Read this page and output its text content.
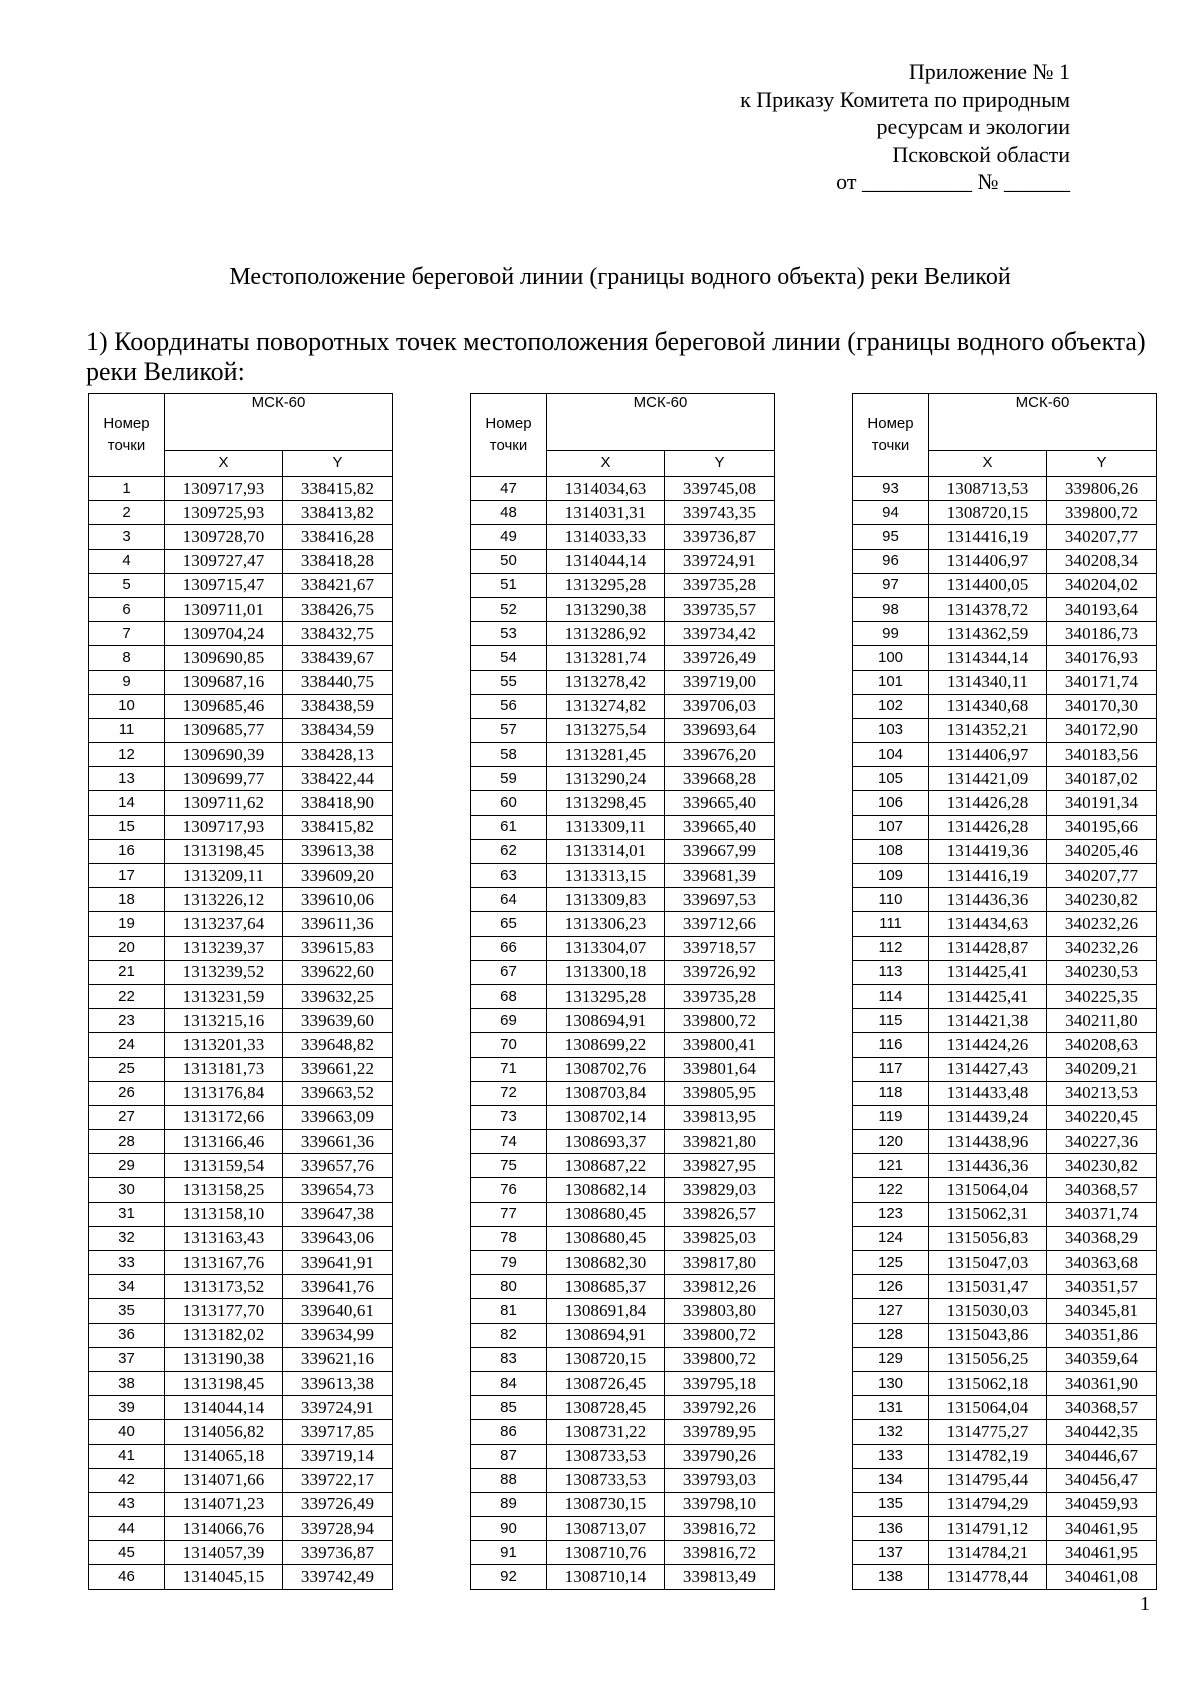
Приложение № 1
к Приказу Комитета по природным
ресурсам и экологии
Псковской области
от __________ № ______
Местоположение береговой линии (границы водного объекта) реки Великой
1) Координаты поворотных точек местоположения береговой линии (границы водного объекта) реки Великой:
Номер
точки	МСК-60	
	X	Y
1	1309717,93	338415,82
2	1309725,93	338413,82
3	1309728,70	338416,28
4	1309727,47	338418,28
5	1309715,47	338421,67
6	1309711,01	338426,75
7	1309704,24	338432,75
8	1309690,85	338439,67
9	1309687,16	338440,75
10	1309685,46	338438,59
11	1309685,77	338434,59
12	1309690,39	338428,13
13	1309699,77	338422,44
14	1309711,62	338418,90
15	1309717,93	338415,82
16	1313198,45	339613,38
17	1313209,11	339609,20
18	1313226,12	339610,06
19	1313237,64	339611,36
20	1313239,37	339615,83
21	1313239,52	339622,60
22	1313231,59	339632,25
23	1313215,16	339639,60
24	1313201,33	339648,82
25	1313181,73	339661,22
26	1313176,84	339663,52
27	1313172,66	339663,09
28	1313166,46	339661,36
29	1313159,54	339657,76
30	1313158,25	339654,73
31	1313158,10	339647,38
32	1313163,43	339643,06
33	1313167,76	339641,91
34	1313173,52	339641,76
35	1313177,70	339640,61
36	1313182,02	339634,99
37	1313190,38	339621,16
38	1313198,45	339613,38
39	1314044,14	339724,91
40	1314056,82	339717,85
41	1314065,18	339719,14
42	1314071,66	339722,17
43	1314071,23	339726,49
44	1314066,76	339728,94
45	1314057,39	339736,87
46	1314045,15	339742,49
Номер
точки	МСК-60	
	X	Y
47	1314034,63	339745,08
48	1314031,31	339743,35
49	1314033,33	339736,87
50	1314044,14	339724,91
51	1313295,28	339735,28
52	1313290,38	339735,57
53	1313286,92	339734,42
54	1313281,74	339726,49
55	1313278,42	339719,00
56	1313274,82	339706,03
57	1313275,54	339693,64
58	1313281,45	339676,20
59	1313290,24	339668,28
60	1313298,45	339665,40
61	1313309,11	339665,40
62	1313314,01	339667,99
63	1313313,15	339681,39
64	1313309,83	339697,53
65	1313306,23	339712,66
66	1313304,07	339718,57
67	1313300,18	339726,92
68	1313295,28	339735,28
69	1308694,91	339800,72
70	1308699,22	339800,41
71	1308702,76	339801,64
72	1308703,84	339805,95
73	1308702,14	339813,95
74	1308693,37	339821,80
75	1308687,22	339827,95
76	1308682,14	339829,03
77	1308680,45	339826,57
78	1308680,45	339825,03
79	1308682,30	339817,80
80	1308685,37	339812,26
81	1308691,84	339803,80
82	1308694,91	339800,72
83	1308720,15	339800,72
84	1308726,45	339795,18
85	1308728,45	339792,26
86	1308731,22	339789,95
87	1308733,53	339790,26
88	1308733,53	339793,03
89	1308730,15	339798,10
90	1308713,07	339816,72
91	1308710,76	339816,72
92	1308710,14	339813,49
Номер
точки	МСК-60	
	X	Y
93	1308713,53	339806,26
94	1308720,15	339800,72
95	1314416,19	340207,77
96	1314406,97	340208,34
97	1314400,05	340204,02
98	1314378,72	340193,64
99	1314362,59	340186,73
100	1314344,14	340176,93
101	1314340,11	340171,74
102	1314340,68	340170,30
103	1314352,21	340172,90
104	1314406,97	340183,56
105	1314421,09	340187,02
106	1314426,28	340191,34
107	1314426,28	340195,66
108	1314419,36	340205,46
109	1314416,19	340207,77
110	1314436,36	340230,82
111	1314434,63	340232,26
112	1314428,87	340232,26
113	1314425,41	340230,53
114	1314425,41	340225,35
115	1314421,38	340211,80
116	1314424,26	340208,63
117	1314427,43	340209,21
118	1314433,48	340213,53
119	1314439,24	340220,45
120	1314438,96	340227,36
121	1314436,36	340230,82
122	1315064,04	340368,57
123	1315062,31	340371,74
124	1315056,83	340368,29
125	1315047,03	340363,68
126	1315031,47	340351,57
127	1315030,03	340345,81
128	1315043,86	340351,86
129	1315056,25	340359,64
130	1315062,18	340361,90
131	1315064,04	340368,57
132	1314775,27	340442,35
133	1314782,19	340446,67
134	1314795,44	340456,47
135	1314794,29	340459,93
136	1314791,12	340461,95
137	1314784,21	340461,95
138	1314778,44	340461,08
1
